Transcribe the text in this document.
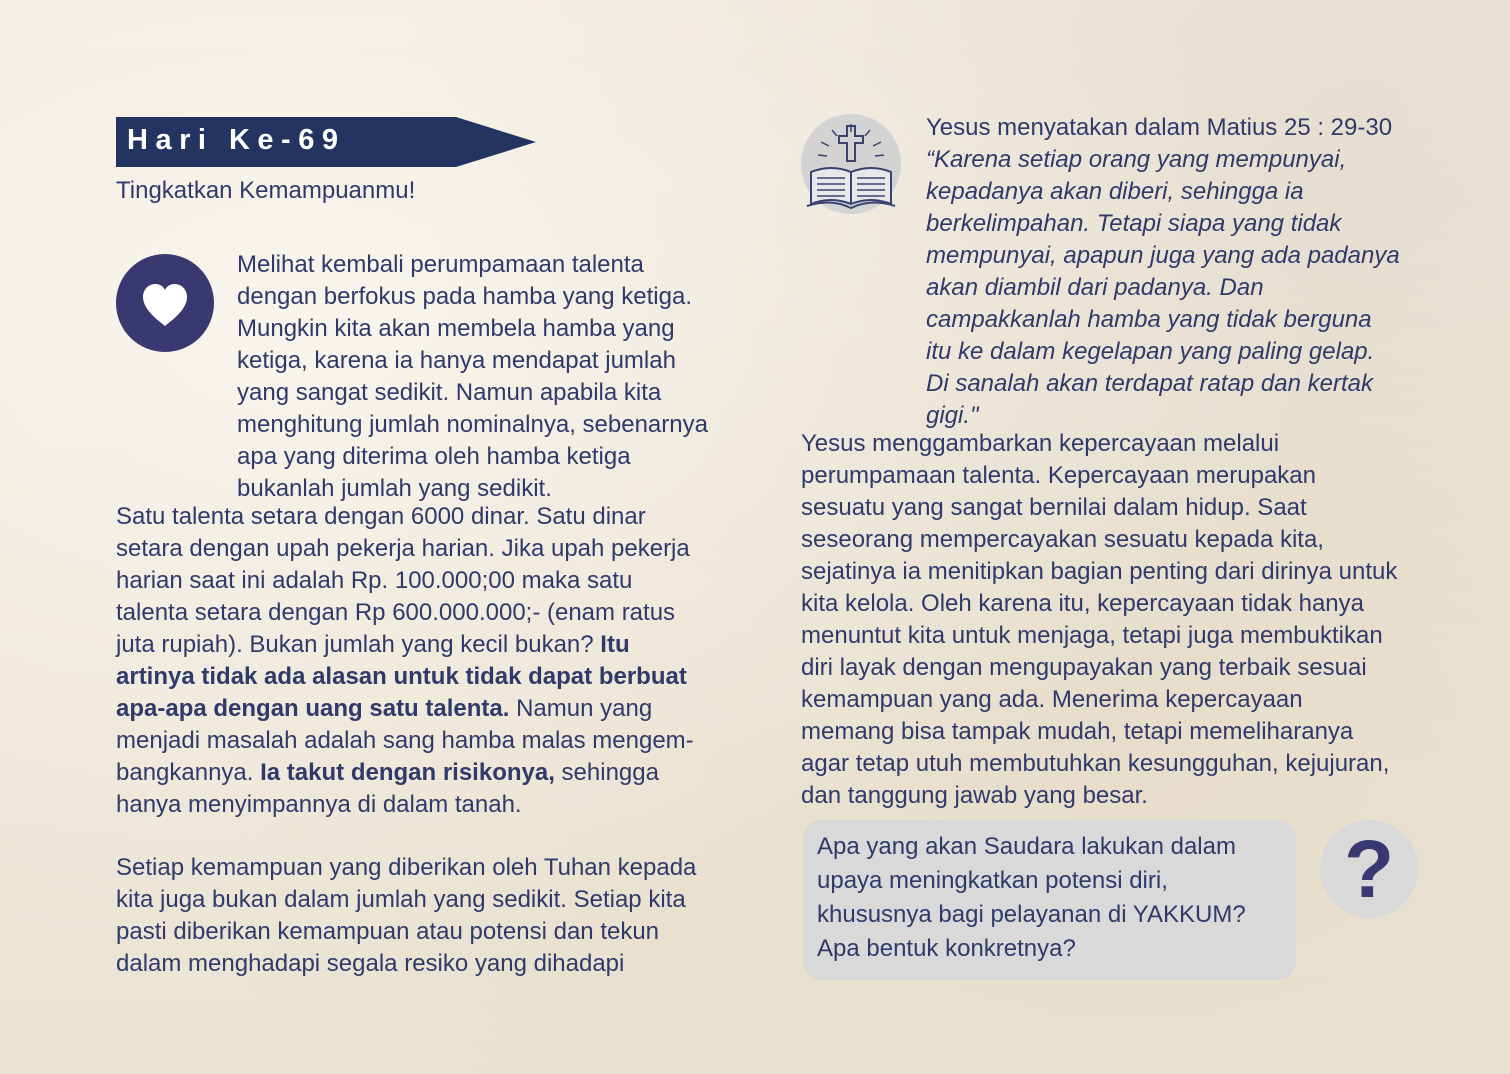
Hari Ke-69
Tingkatkan Kemampuanmu!
Melihat kembali perumpamaan talenta
dengan berfokus pada hamba yang ketiga.
Mungkin kita akan membela hamba yang
ketiga, karena ia hanya mendapat jumlah
yang sangat sedikit. Namun apabila kita
menghitung jumlah nominalnya, sebenarnya
apa yang diterima oleh hamba ketiga
bukanlah jumlah yang sedikit.
Satu talenta setara dengan 6000 dinar. Satu dinar
setara dengan upah pekerja harian. Jika upah pekerja
harian saat ini adalah Rp. 100.000;00 maka satu
talenta setara dengan Rp 600.000.000;- (enam ratus
juta rupiah). Bukan jumlah yang kecil bukan? Itu
artinya tidak ada alasan untuk tidak dapat berbuat
apa-apa dengan uang satu talenta. Namun yang
menjadi masalah adalah sang hamba malas mengem-
bangkannya. Ia takut dengan risikonya, sehingga
hanya menyimpannya di dalam tanah.
Setiap kemampuan yang diberikan oleh Tuhan kepada
kita juga bukan dalam jumlah yang sedikit. Setiap kita
pasti diberikan kemampuan atau potensi dan tekun
dalam menghadapi segala resiko yang dihadapi
Yesus menyatakan dalam Matius 25 : 29-30
“Karena setiap orang yang mempunyai,
kepadanya akan diberi, sehingga ia
berkelimpahan. Tetapi siapa yang tidak
mempunyai, apapun juga yang ada padanya
akan diambil dari padanya. Dan
campakkanlah hamba yang tidak berguna
itu ke dalam kegelapan yang paling gelap.
Di sanalah akan terdapat ratap dan kertak
gigi."
Yesus menggambarkan kepercayaan melalui
perumpamaan talenta. Kepercayaan merupakan
sesuatu yang sangat bernilai dalam hidup. Saat
seseorang mempercayakan sesuatu kepada kita,
sejatinya ia menitipkan bagian penting dari dirinya untuk
kita kelola. Oleh karena itu, kepercayaan tidak hanya
menuntut kita untuk menjaga, tetapi juga membuktikan
diri layak dengan mengupayakan yang terbaik sesuai
kemampuan yang ada. Menerima kepercayaan
memang bisa tampak mudah, tetapi memeliharanya
agar tetap utuh membutuhkan kesungguhan, kejujuran,
dan tanggung jawab yang besar.
Apa yang akan Saudara lakukan dalam
upaya meningkatkan potensi diri,
khususnya bagi pelayanan di YAKKUM?
Apa bentuk konkretnya?
?
